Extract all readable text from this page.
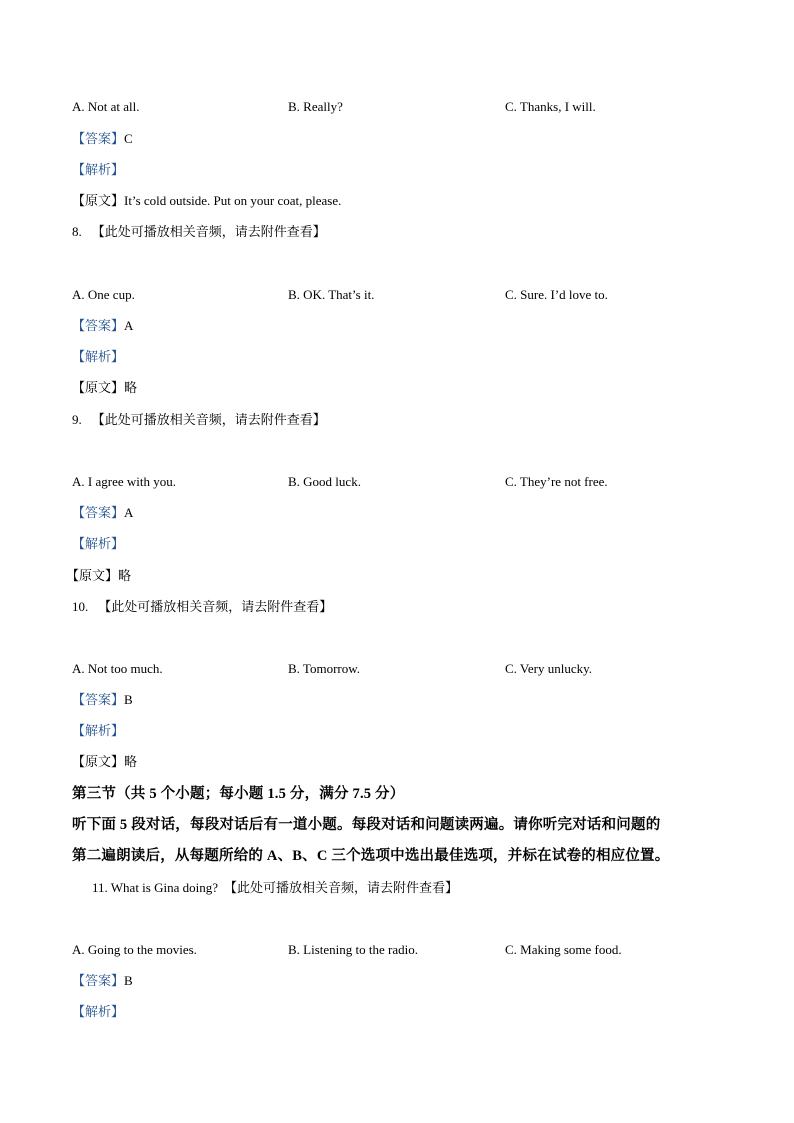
A. Not at all.	B. Really?	C. Thanks, I will.
【答案】C
【解析】
【原文】It’s cold outside. Put on your coat, please.
8. 【此处可播放相关音频，请去附件查看】
A. One cup.	B. OK. That’s it.	C. Sure. I’d love to.
【答案】A
【解析】
【原文】略
9. 【此处可播放相关音频，请去附件查看】
A. I agree with you.	B. Good luck.	C. They’re not free.
【答案】A
【解析】
【原文】略
10. 【此处可播放相关音频，请去附件查看】
A. Not too much.	B. Tomorrow.	C. Very unlucky.
【答案】B
【解析】
【原文】略
第三节（共 5 个小题；每小题 1.5 分，满分 7.5 分）
听下面 5 段对话，每段对话后有一道小题。每段对话和问题读两遍。请你听完对话和问题的
第二遍朗读后，从每题所给的 A、B、C 三个选项中选出最佳选项，并标在试卷的相应位置。
11. What is Gina doing? 【此处可播放相关音频，请去附件查看】
A. Going to the movies.	B. Listening to the radio.	C. Making some food.
【答案】B
【解析】
